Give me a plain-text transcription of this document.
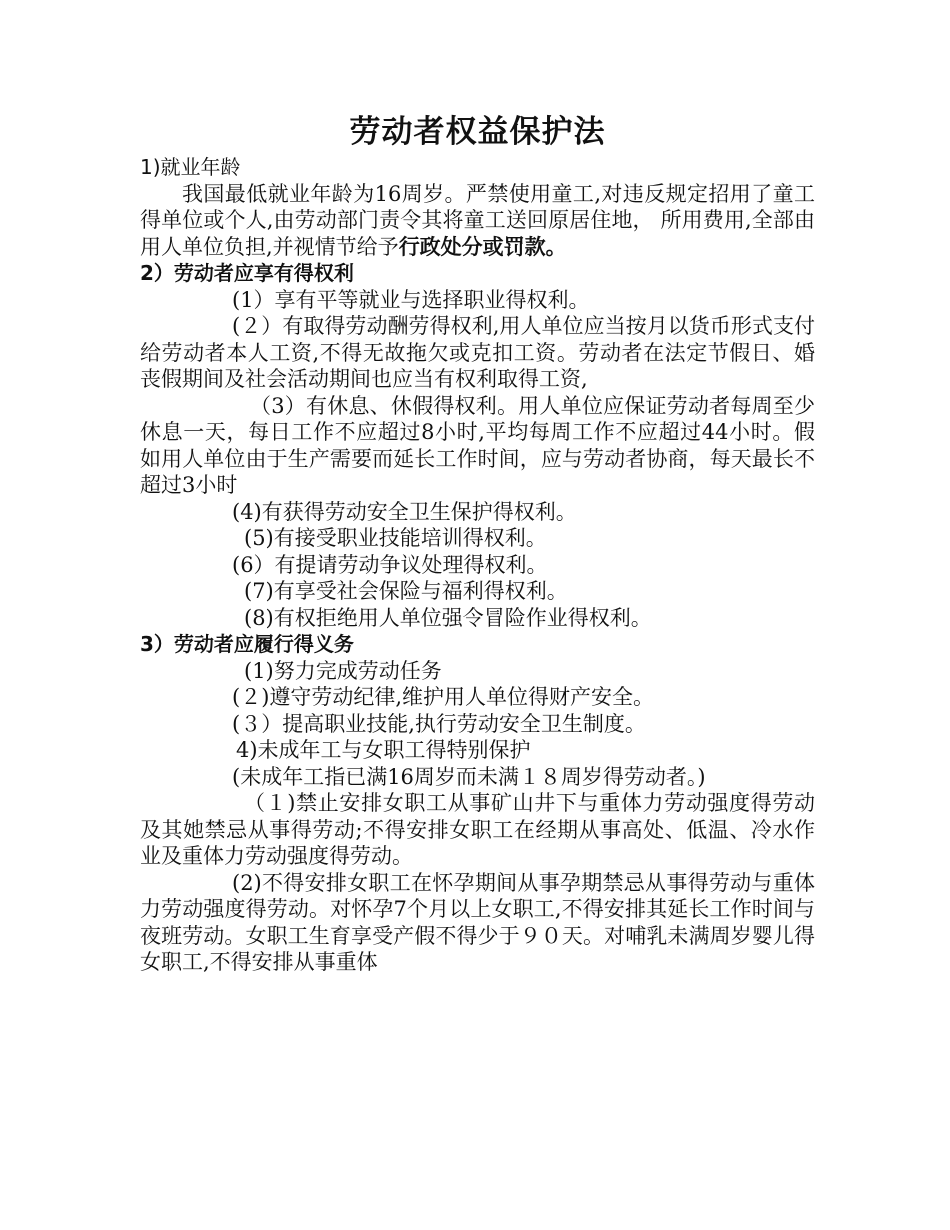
劳动者权益保护法
1)就业年龄

我国最低就业年龄为16周岁。严禁使用童工,对违反规定招用了童工得单位或个人,由劳动部门责令其将童工送回原居住地， 所用费用,全部由用人单位负担,并视情节给予行政处分或罚款。

2）劳动者应享有得权利

(1）享有平等就业与选择职业得权利。

(２）有取得劳动酬劳得权利,用人单位应当按月以货币形式支付给劳动者本人工资,不得无故拖欠或克扣工资。劳动者在法定节假日、婚丧假期间及社会活动期间也应当有权利取得工资,

（3）有休息、休假得权利。用人单位应保证劳动者每周至少休息一天，每日工作不应超过8小时,平均每周工作不应超过44小时。假如用人单位由于生产需要而延长工作时间，应与劳动者协商，每天最长不超过3小时

(4)有获得劳动安全卫生保护得权利。

(5)有接受职业技能培训得权利。

(6）有提请劳动争议处理得权利。

(7)有享受社会保险与福利得权利。

(8)有权拒绝用人单位强令冒险作业得权利。

3）劳动者应履行得义务

(1)努力完成劳动任务

(２)遵守劳动纪律,维护用人单位得财产安全。

(３）提高职业技能,执行劳动安全卫生制度。

4)未成年工与女职工得特别保护

(未成年工指已满16周岁而未满１８周岁得劳动者。)

（１)禁止安排女职工从事矿山井下与重体力劳动强度得劳动及其她禁忌从事得劳动;不得安排女职工在经期从事高处、低温、冷水作业及重体力劳动强度得劳动。

(2)不得安排女职工在怀孕期间从事孕期禁忌从事得劳动与重体力劳动强度得劳动。对怀孕7个月以上女职工,不得安排其延长工作时间与夜班劳动。女职工生育享受产假不得少于９０天。对哺乳未满周岁婴儿得女职工,不得安排从事重体
